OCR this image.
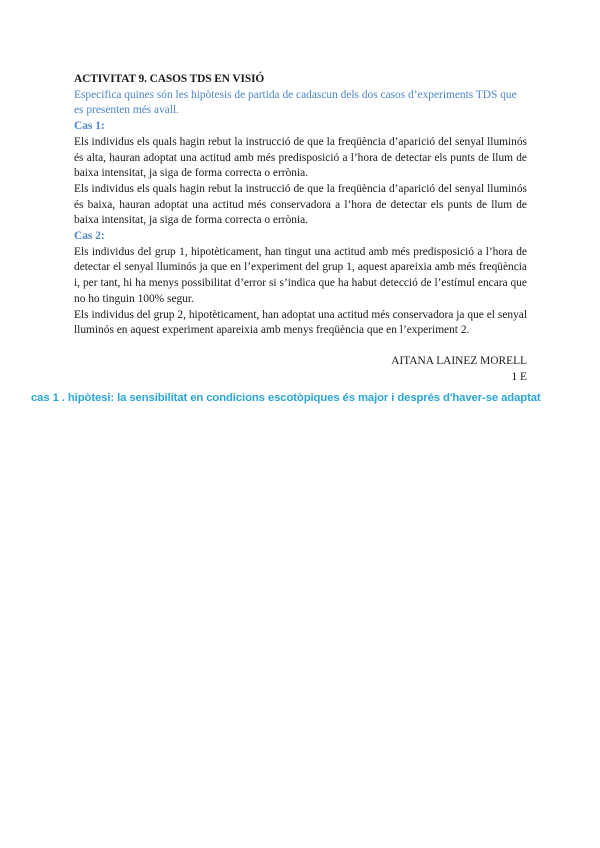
ACTIVITAT 9. CASOS TDS EN VISIÓ

Especifica quines són les hipòtesis de partida de cadascun dels dos casos d’experiments TDS que es presenten més avall.

Cas 1:

Els individus els quals hagin rebut la instrucció de que la freqüència d’aparició del senyal lluminós és alta, hauran adoptat una actitud amb més predisposició a l’hora de detectar els punts de llum de baixa intensitat, ja siga de forma correcta o errònia.

Els individus els quals hagin rebut la instrucció de que la freqüència d’aparició del senyal lluminós és baixa, hauran adoptat una actitud més conservadora a l’hora de detectar els punts de llum de baixa intensitat, ja siga de forma correcta o errònia.

Cas 2:

Els individus del grup 1, hipotèticament, han tingut una actitud amb més predisposició a l’hora de detectar el senyal lluminós ja que en l’experiment del grup 1, aquest apareixia amb més freqüència i, per tant, hi ha menys possibilitat d’error si s’indica que ha habut detecció de l’estímul encara que no ho tinguin 100% segur.

Els individus del grup 2, hipotèticament, han adoptat una actitud més conservadora ja que el senyal lluminós en aquest experiment apareixia amb menys freqüència que en l’experiment 2.

AITANA LAINEZ MORELL
1 E
cas 1 . hipòtesi: la sensibilitat en condicions escotòpiques és major i després d'haver-se adaptat
